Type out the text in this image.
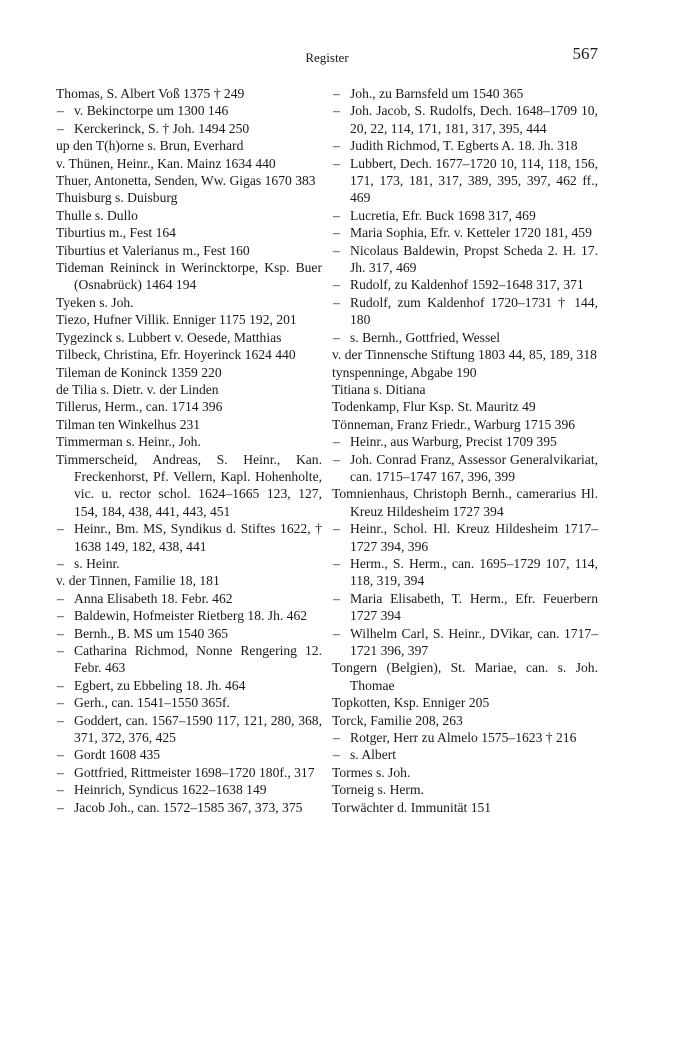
Register	567

Thomas, S. Albert Voß 1375 † 249

– v. Bekinctorpe um 1300 146

– Kerckerinck, S. † Joh. 1494 250

up den T(h)orne s. Brun, Everhard

v. Thünen, Heinr., Kan. Mainz 1634 440

Thuer, Antonetta, Senden, Ww. Gigas 1670 383

Thuisburg s. Duisburg

Thulle s. Dullo

Tiburtius m., Fest 164

Tiburtius et Valerianus m., Fest 160

Tideman Reininck in Werincktorpe, Ksp. Buer (Osnabrück) 1464 194

Tyeken s. Joh.

Tiezo, Hufner Villik. Enniger 1175 192, 201

Tygezinck s. Lubbert v. Oesede, Matthias

Tilbeck, Christina, Efr. Hoyerinck 1624 440

Tileman de Koninck 1359 220

de Tilia s. Dietr. v. der Linden

Tillerus, Herm., can. 1714 396

Tilman ten Winkelhus 231

Timmerman s. Heinr., Joh.

Timmerscheid, Andreas, S. Heinr., Kan. Freckenhorst, Pf. Vellern, Kapl. Hohenholte, vic. u. rector schol. 1624–1665 123, 127, 154, 184, 438, 441, 443, 451

– Heinr., Bm. MS, Syndikus d. Stiftes 1622, † 1638 149, 182, 438, 441

– s. Heinr.

v. der Tinnen, Familie 18, 181

– Anna Elisabeth 18. Febr. 462

– Baldewin, Hofmeister Rietberg 18. Jh. 462

– Bernh., B. MS um 1540 365

– Catharina Richmod, Nonne Rengering 12. Febr. 463

– Egbert, zu Ebbeling 18. Jh. 464

– Gerh., can. 1541–1550 365f.

– Goddert, can. 1567–1590 117, 121, 280, 368, 371, 372, 376, 425

– Gordt 1608 435

– Gottfried, Rittmeister 1698–1720 180f., 317

– Heinrich, Syndicus 1622–1638 149

– Jacob Joh., can. 1572–1585 367, 373, 375

– Joh., zu Barnsfeld um 1540 365

– Joh. Jacob, S. Rudolfs, Dech. 1648–1709 10, 20, 22, 114, 171, 181, 317, 395, 444

– Judith Richmod, T. Egberts A. 18. Jh. 318

– Lubbert, Dech. 1677–1720 10, 114, 118, 156, 171, 173, 181, 317, 389, 395, 397, 462 ff., 469

– Lucretia, Efr. Buck 1698 317, 469

– Maria Sophia, Efr. v. Ketteler 1720 181, 459

– Nicolaus Baldewin, Propst Scheda 2. H. 17. Jh. 317, 469

– Rudolf, zu Kaldenhof 1592–1648 317, 371

– Rudolf, zum Kaldenhof 1720–1731 † 144, 180

– s. Bernh., Gottfried, Wessel

v. der Tinnensche Stiftung 1803 44, 85, 189, 318

tynspenninge, Abgabe 190

Titiana s. Ditiana

Todenkamp, Flur Ksp. St. Mauritz 49

Tönneman, Franz Friedr., Warburg 1715 396

– Heinr., aus Warburg, Precist 1709 395

– Joh. Conrad Franz, Assessor Generalvikariat, can. 1715–1747 167, 396, 399

Tomnienhaus, Christoph Bernh., camerarius Hl. Kreuz Hildesheim 1727 394

– Heinr., Schol. Hl. Kreuz Hildesheim 1717–1727 394, 396

– Herm., S. Herm., can. 1695–1729 107, 114, 118, 319, 394

– Maria Elisabeth, T. Herm., Efr. Feuerbern 1727 394

– Wilhelm Carl, S. Heinr., DVikar, can. 1717–1721 396, 397

Tongern (Belgien), St. Mariae, can. s. Joh. Thomae

Topkotten, Ksp. Enniger 205

Torck, Familie 208, 263

– Rotger, Herr zu Almelo 1575–1623 † 216

– s. Albert

Tormes s. Joh.

Torneig s. Herm.

Torwächter d. Immunität 151
